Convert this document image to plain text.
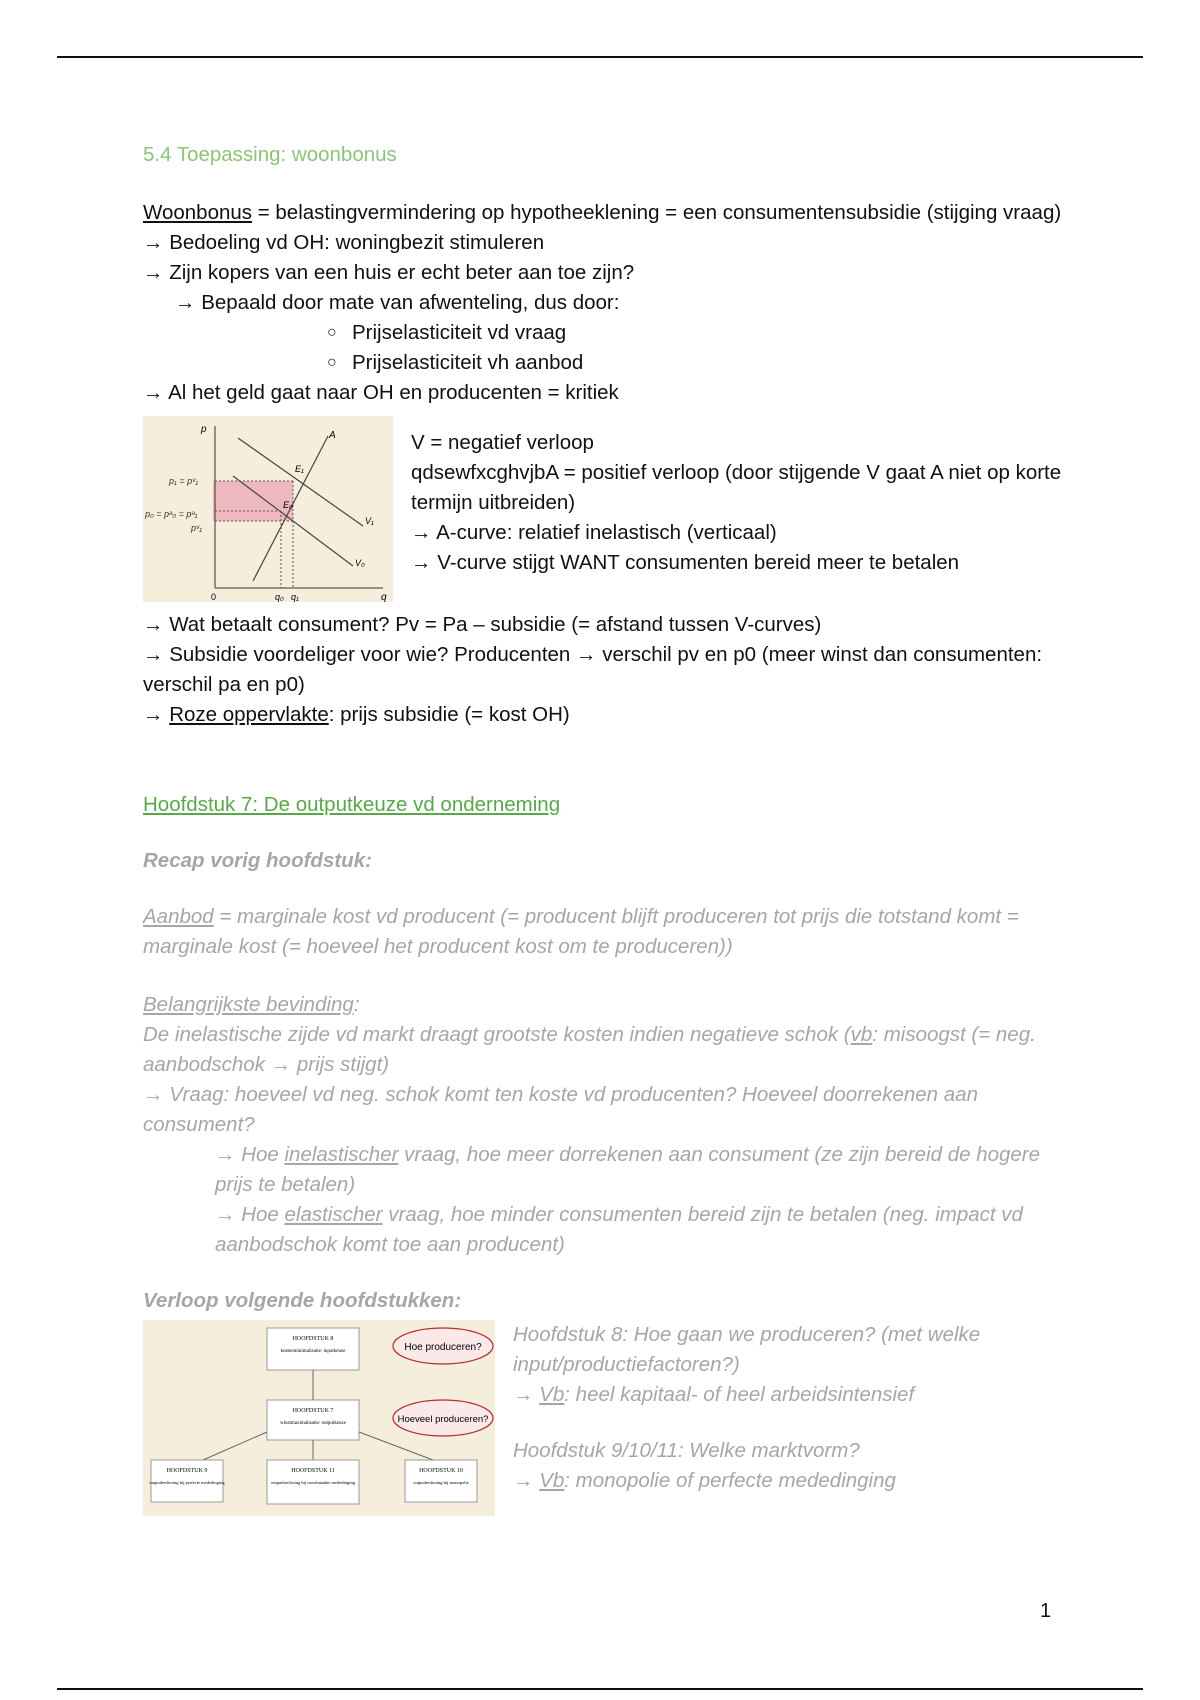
5.4 Toepassing: woonbonus
Woonbonus = belastingvermindering op hypotheeklening = een consumentensubsidie (stijging vraag)
→ Bedoeling vd OH: woningbezit stimuleren
→ Zijn kopers van een huis er echt beter aan toe zijn?
→ Bepaald door mate van afwenteling, dus door:
○ Prijselasticiteit vd vraag
○ Prijselasticiteit vh aanbod
→ Al het geld gaat naar OH en producenten = kritiek
p
q
p₁ = pᵛ₁
p₀ = pᵃ₀ = pᵃ₁
pᵛ₁
A
E₁
E₀
V₁
V₀
q₀ q₁
0
V = negatief verloop
qdsewfxcghvjbA = positief verloop (door stijgende V gaat A niet op korte termijn uitbreiden)
→ A-curve: relatief inelastisch (verticaal)
→ V-curve stijgt WANT consumenten bereid meer te betalen
→ Wat betaalt consument? Pv = Pa – subsidie (= afstand tussen V-curves)
→ Subsidie voordeliger voor wie? Producenten → verschil pv en p0 (meer winst dan consumenten: verschil pa en p0)
→ Roze oppervlakte: prijs subsidie (= kost OH)
Hoofdstuk 7: De outputkeuze vd onderneming
Recap vorig hoofdstuk:
Aanbod = marginale kost vd producent (= producent blijft produceren tot prijs die totstand komt = marginale kost (= hoeveel het producent kost om te produceren))
Belangrijkste bevinding:
De inelastische zijde vd markt draagt grootste kosten indien negatieve schok (vb: misoogst (= neg. aanbodschok → prijs stijgt)
→ Vraag: hoeveel vd neg. schok komt ten koste vd producenten? Hoeveel doorrekenen aan consument?
→ Hoe inelastischer vraag, hoe meer dorrekenen aan consument (ze zijn bereid de hogere prijs te betalen)
→ Hoe elastischer vraag, hoe minder consumenten bereid zijn te betalen (neg. impact vd aanbodschok komt toe aan producent)
Verloop volgende hoofdstukken:
HOOFDSTUK 8
kostenminimalisatie: inputkeuze
HOOFDSTUK 7
winstmaximalisatie: outputkeuze
HOOFDSTUK 9
outputbeslissing bij perfecte mededinging
HOOFDSTUK 11
outputbeslissing bij onvolmaakte mededinging
HOOFDSTUK 10
outputbeslissing bij monopolie
Hoe produceren?
Hoeveel produceren?
Hoofdstuk 8: Hoe gaan we produceren? (met welke input/productiefactoren?)
→ Vb: heel kapitaal- of heel arbeidsintensief
Hoofdstuk 9/10/11: Welke marktvorm?
→ Vb: monopolie of perfecte mededinging
1
